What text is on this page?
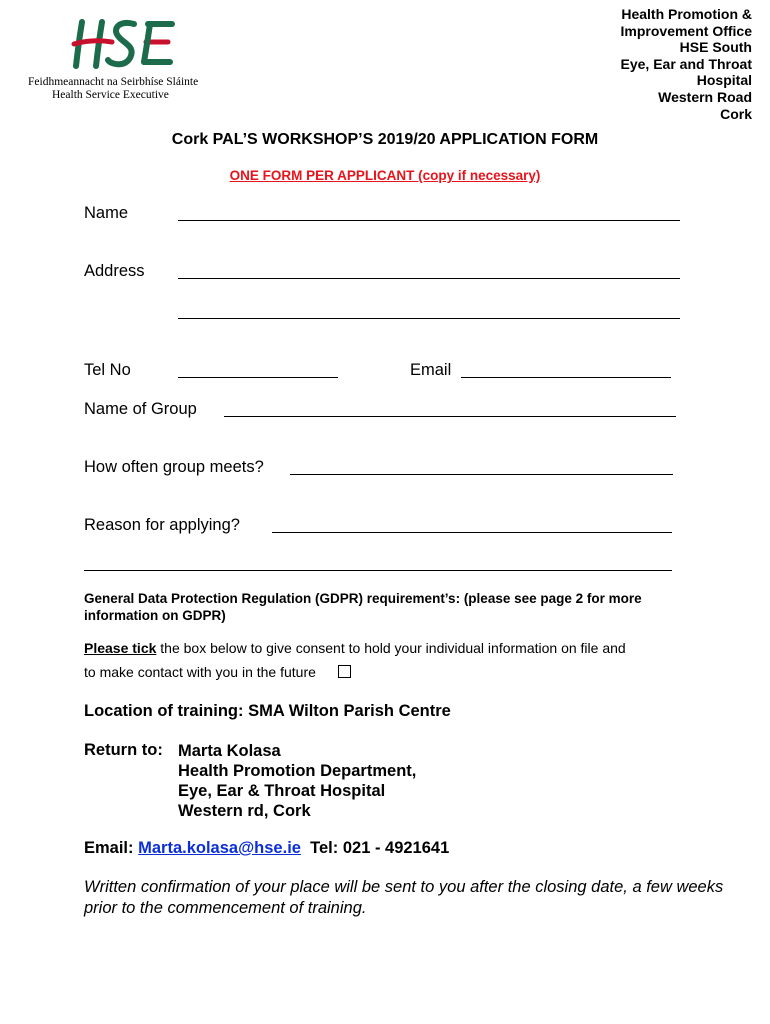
Feidhmeannacht na Seirbhíse Sláinte
Health Service Executive
Health Promotion &
Improvement Office
HSE South
Eye, Ear and Throat
Hospital
Western Road
Cork
Cork PAL’S WORKSHOP’S 2019/20 APPLICATION FORM
ONE FORM PER APPLICANT (copy if necessary)
Name
Address
Tel No	Email
Name of Group
How often group meets?
Reason for applying?
General Data Protection Regulation (GDPR) requirement’s: (please see page 2 for more information on GDPR)
Please tick the box below to give consent to hold your individual information on file and
to make contact with you in the future
Location of training: SMA Wilton Parish Centre
Return to: Marta Kolasa
Health Promotion Department,
Eye, Ear & Throat Hospital
Western rd, Cork
Email: Marta.kolasa@hse.ie Tel: 021 - 4921641
Written confirmation of your place will be sent to you after the closing date, a few weeks prior to the commencement of training.
